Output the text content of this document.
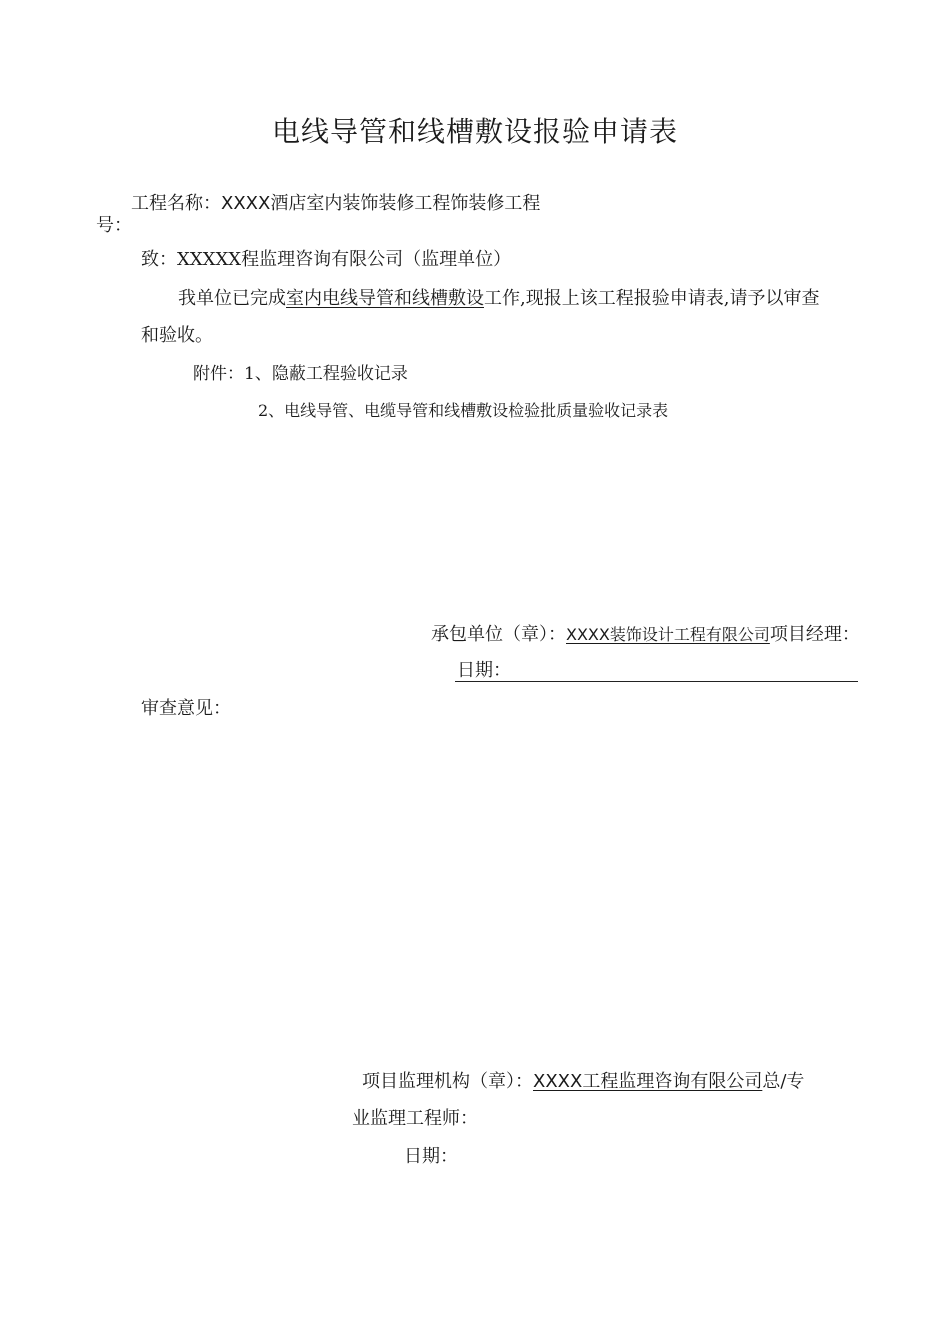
电线导管和线槽敷设报验申请表
工程名称：XXXX酒店室内装饰装修工程饰装修工程
号：
致：XXXXX程监理咨询有限公司（监理单位）
我单位已完成室内电线导管和线槽敷设工作,现报上该工程报验申请表,请予以审查
和验收。
附件：1、隐蔽工程验收记录
2、电线导管、电缆导管和线槽敷设检验批质量验收记录表
承包单位（章）：XXXX装饰设计工程有限公司项目经理：
日期：
审查意见：
项目监理机构（章）：XXXX工程监理咨询有限公司总/专
业监理工程师：
日期：
